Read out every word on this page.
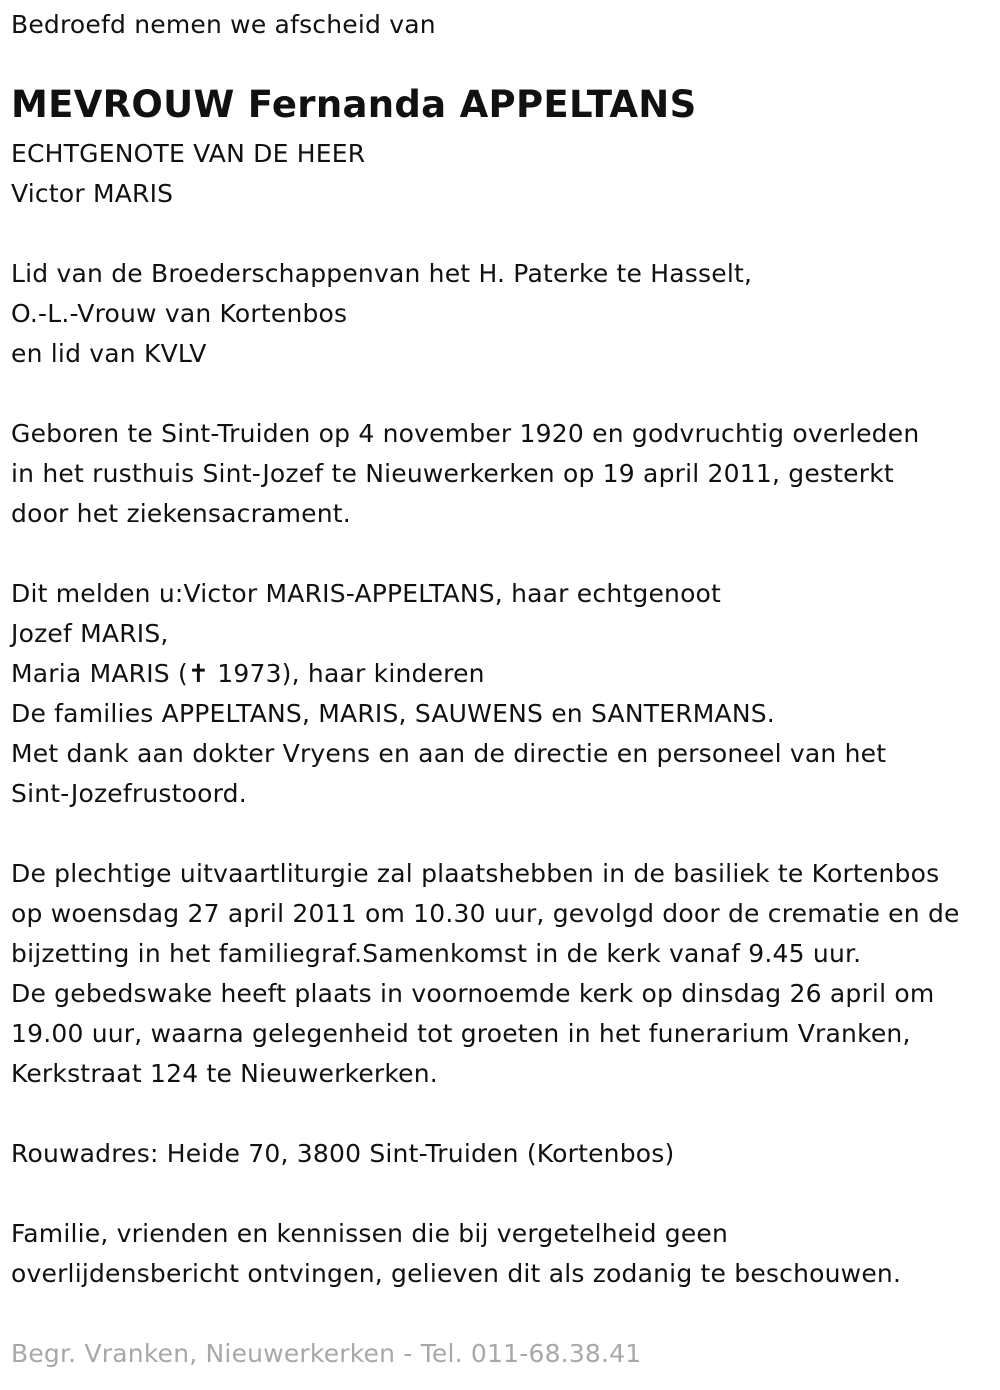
Bedroefd nemen we afscheid van
MEVROUW Fernanda APPELTANS
ECHTGENOTE VAN DE HEER
Victor MARIS
Lid van de Broederschappenvan het H. Paterke te Hasselt,
O.-L.-Vrouw van Kortenbos
en lid van KVLV
Geboren te Sint-Truiden op 4 november 1920 en godvruchtig overleden
in het rusthuis Sint-Jozef te Nieuwerkerken op 19 april 2011, gesterkt
door het ziekensacrament.
Dit melden u:Victor MARIS-APPELTANS, haar echtgenoot
Jozef MARIS,
Maria MARIS (✝ 1973), haar kinderen
De families APPELTANS, MARIS, SAUWENS en SANTERMANS.
Met dank aan dokter Vryens en aan de directie en personeel van het
Sint-Jozefrustoord.
De plechtige uitvaartliturgie zal plaatshebben in de basiliek te Kortenbos
op woensdag 27 april 2011 om 10.30 uur, gevolgd door de crematie en de
bijzetting in het familiegraf.Samenkomst in de kerk vanaf 9.45 uur.
De gebedswake heeft plaats in voornoemde kerk op dinsdag 26 april om
19.00 uur, waarna gelegenheid tot groeten in het funerarium Vranken,
Kerkstraat 124 te Nieuwerkerken.
Rouwadres: Heide 70, 3800 Sint-Truiden (Kortenbos)
Familie, vrienden en kennissen die bij vergetelheid geen
overlijdensbericht ontvingen, gelieven dit als zodanig te beschouwen.
Begr. Vranken, Nieuwerkerken - Tel. 011-68.38.41
